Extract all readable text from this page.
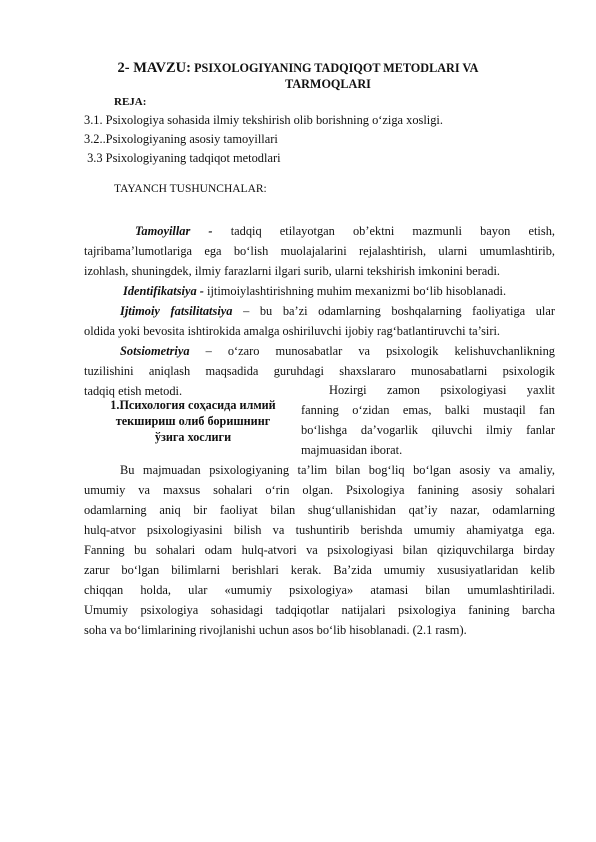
2- MAVZU: PSIXOLOGIYANING TADQIQOT METODLARI VA
TARMOQLARI
REJA:
3.1. Psixologiya sohasida ilmiy tekshirish olib borishning o‘ziga xosligi.
3.2..Psixologiyaning asosiy tamoyillari
3.3 Psixologiyaning tadqiqot metodlari
TAYANCH TUSHUNCHALAR:
Tamoyillar - tadqiq etilayotgan ob’ektni mazmunli bayon etish,
tajribama’lumotlariga ega bo‘lish muolajalarini rejalashtirish, ularni umumlashtirib,
izohlash, shuningdek, ilmiy farazlarni ilgari surib, ularni tekshirish imkonini beradi.
Identifikatsiya - ijtimoiylashtirishning muhim mexanizmi bo‘lib hisoblanadi.
Ijtimoiy fatsilitatsiya – bu ba’zi odamlarning boshqalarning faoliyatiga ular
oldida yoki bevosita ishtirokida amalga oshiriluvchi ijobiy rag‘batlantiruvchi ta’siri.
Sotsiometriya – o‘zaro munosabatlar va psixologik kelishuvchanlikning
tuzilishini aniqlash maqsadida guruhdagi shaxslararo munosabatlarni psixologik
tadqiq etish metodi.
1.Психология соҳасида илмий
текшириш олиб боришнинг
ўзига хослиги
Hozirgi zamon psixologiyasi yaxlit
fanning o‘zidan emas, balki mustaqil fan
bo‘lishga da’vogarlik qiluvchi ilmiy fanlar
majmuasidan iborat.
Bu majmuadan psixologiyaning ta’lim bilan bog‘liq bo‘lgan asosiy va amaliy,
umumiy va maxsus sohalari o‘rin olgan. Psixologiya fanining asosiy sohalari
odamlarning aniq bir faoliyat bilan shug‘ullanishidan qat’iy nazar, odamlarning
hulq-atvor psixologiyasini bilish va tushuntirib berishda umumiy ahamiyatga ega.
Fanning bu sohalari odam hulq-atvori va psixologiyasi bilan qiziquvchilarga birday
zarur bo‘lgan bilimlarni berishlari kerak. Ba’zida umumiy xususiyatlaridan kelib
chiqqan holda, ular «umumiy psixologiya» atamasi bilan umumlashtiriladi.
Umumiy psixologiya sohasidagi tadqiqotlar natijalari psixologiya fanining barcha
soha va bo‘limlarining rivojlanishi uchun asos bo‘lib hisoblanadi. (2.1 rasm).
